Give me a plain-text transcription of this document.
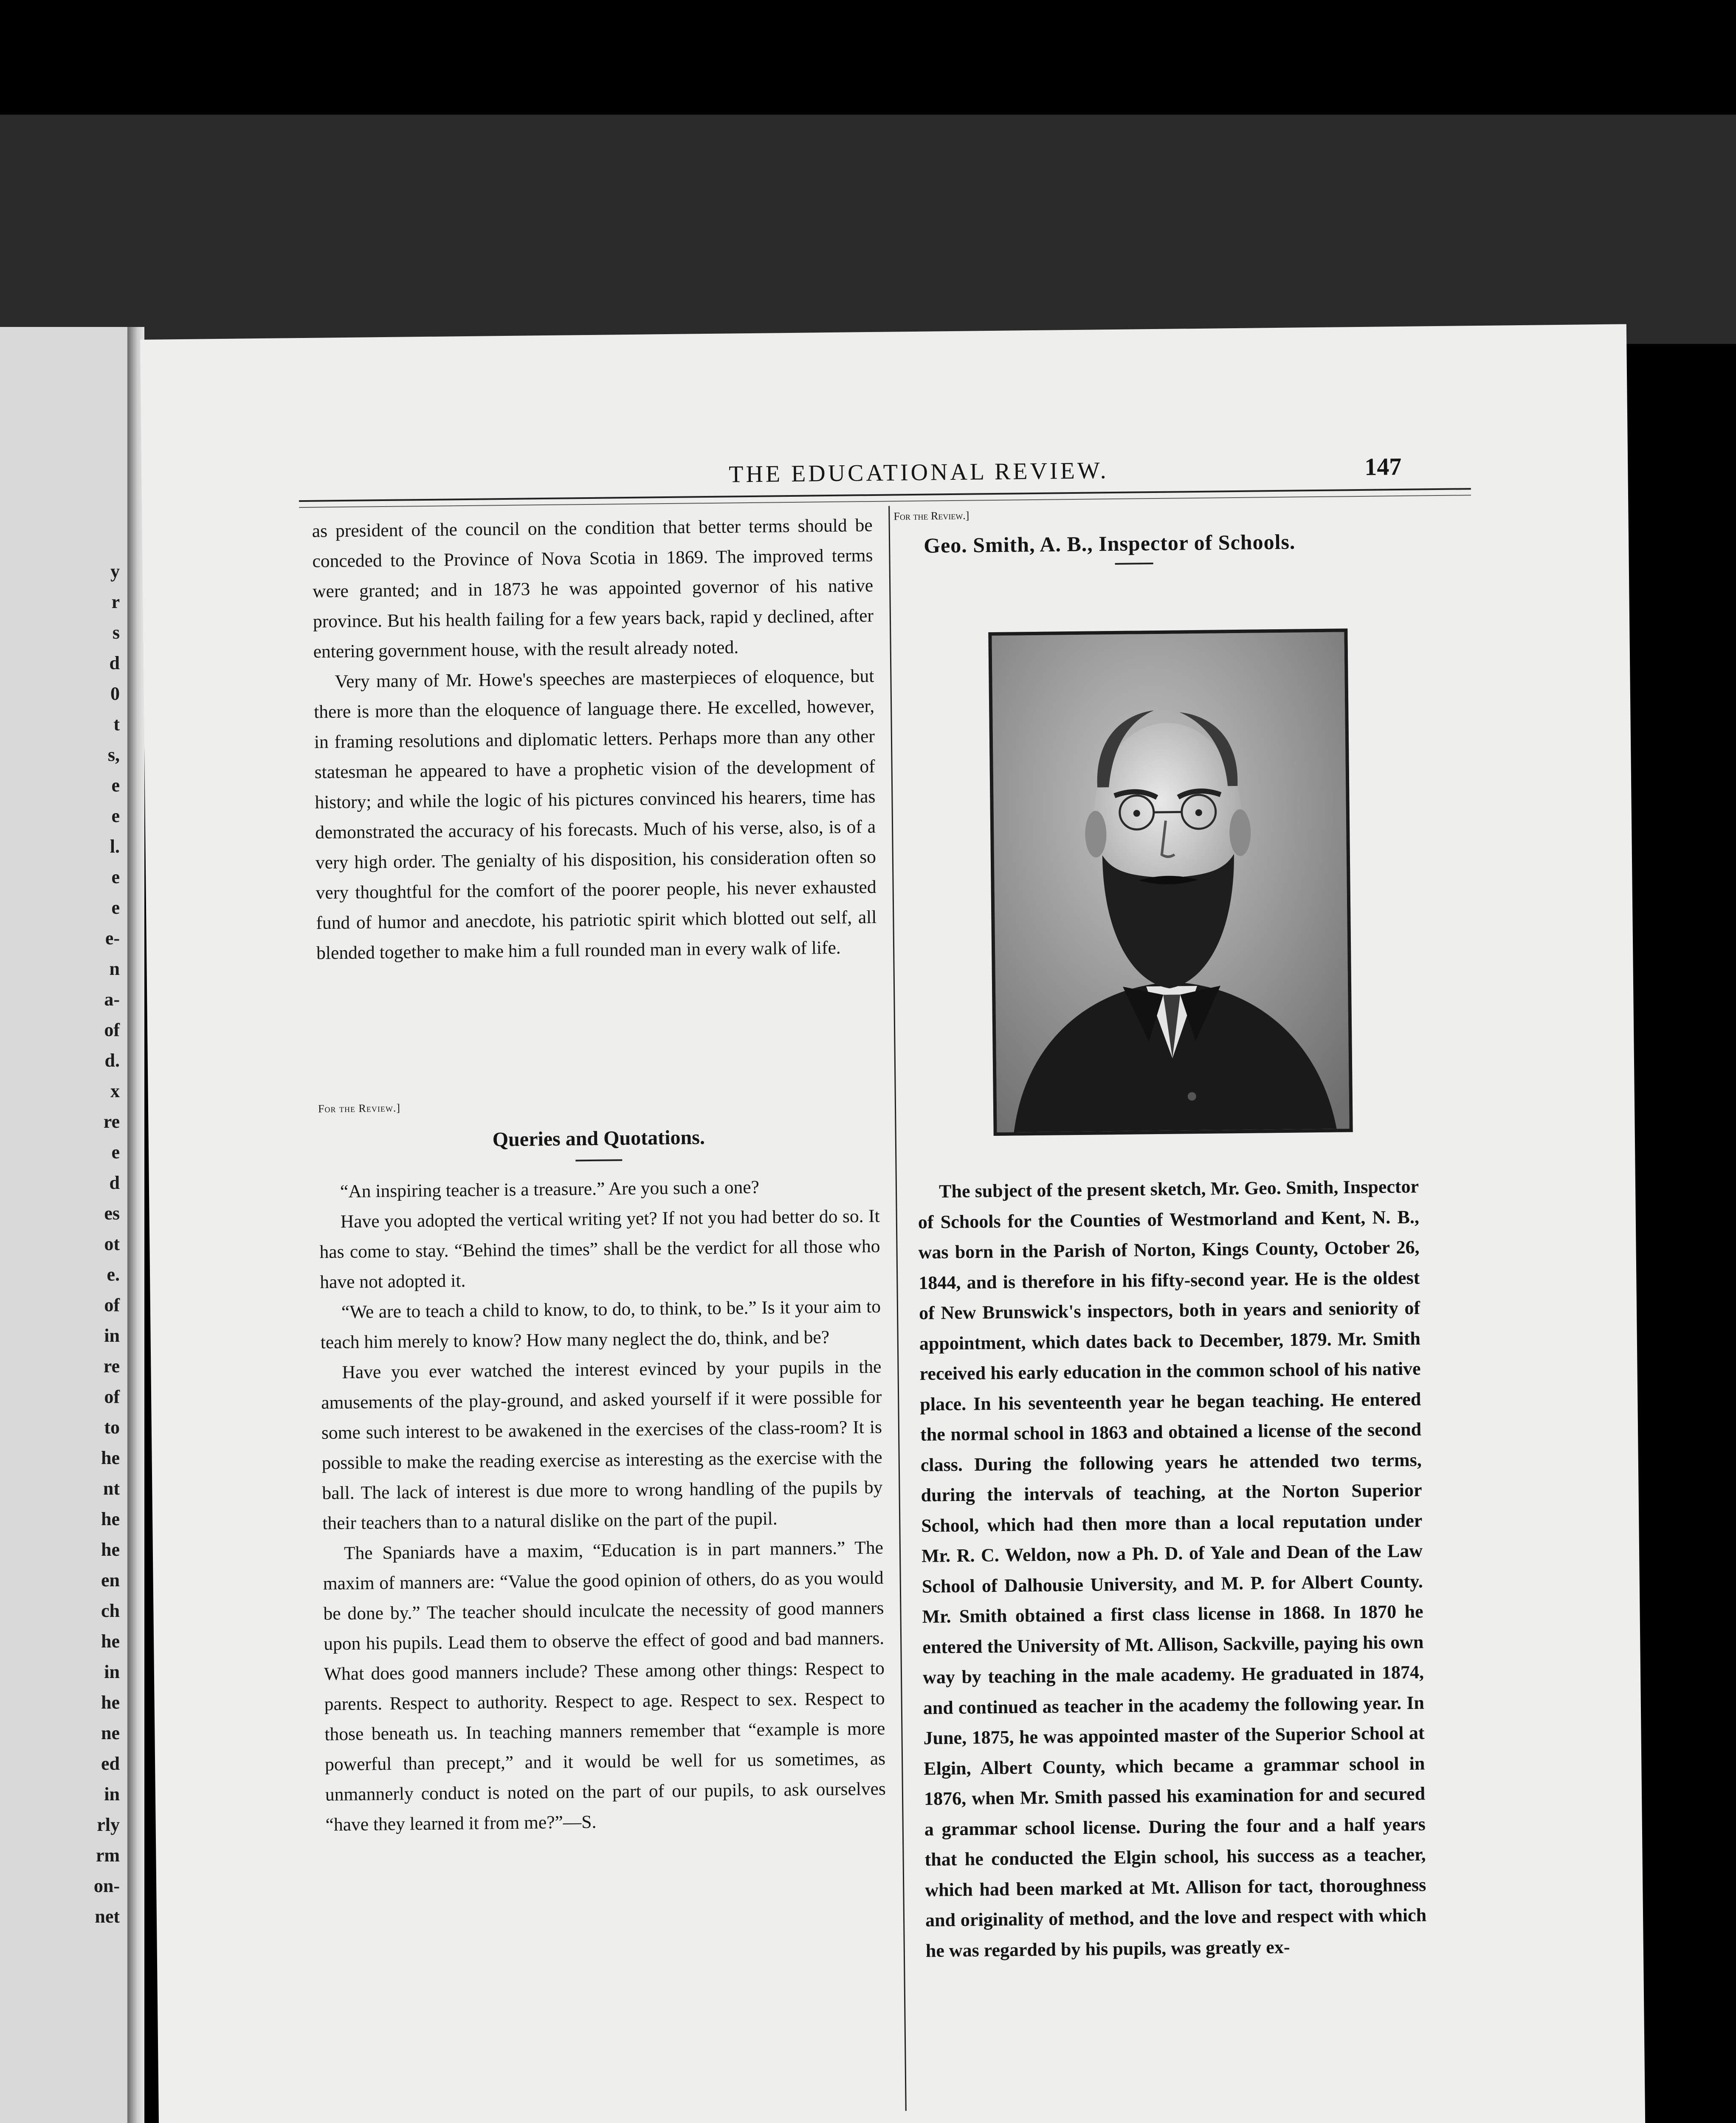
y
r
s
d
0
t
s,
e
e
l.
e
e
e-
n
a-
of
d.
x
re
e
d
es
ot
e.
of
in
re
of
to
he
nt
he
he
en
ch
he
in
he
ne
ed
in
rly
rm
on-
net
THE EDUCATIONAL REVIEW.	147

as president of the council on the condition that better terms should be conceded to the Province of Nova Scotia in 1869. The improved terms were granted; and in 1873 he was appointed governor of his native province. But his health failing for a few years back, rapid y declined, after entering government house, with the result already noted.

Very many of Mr. Howe's speeches are masterpieces of eloquence, but there is more than the eloquence of language there. He excelled, however, in framing resolutions and diplomatic letters. Perhaps more than any other statesman he appeared to have a prophetic vision of the development of history; and while the logic of his pictures convinced his hearers, time has demonstrated the accuracy of his forecasts. Much of his verse, also, is of a very high order. The genialty of his disposition, his consideration often so very thoughtful for the comfort of the poorer people, his never exhausted fund of humor and anecdote, his patriotic spirit which blotted out self, all blended together to make him a full rounded man in every walk of life.

For the Review.]
Queries and Quotations.

“An inspiring teacher is a treasure.” Are you such a one?

Have you adopted the vertical writing yet? If not you had better do so. It has come to stay. “Behind the times” shall be the verdict for all those who have not adopted it.

“We are to teach a child to know, to do, to think, to be.” Is it your aim to teach him merely to know? How many neglect the do, think, and be?

Have you ever watched the interest evinced by your pupils in the amusements of the play-ground, and asked yourself if it were possible for some such interest to be awakened in the exercises of the class-room? It is possible to make the reading exercise as interesting as the exercise with the ball. The lack of interest is due more to wrong handling of the pupils by their teachers than to a natural dislike on the part of the pupil.

The Spaniards have a maxim, “Education is in part manners.” The maxim of manners are: “Value the good opinion of others, do as you would be done by.” The teacher should inculcate the necessity of good manners upon his pupils. Lead them to observe the effect of good and bad manners. What does good manners include? These among other things: Respect to parents. Respect to authority. Respect to age. Respect to sex. Respect to those beneath us. In teaching manners remember that “example is more powerful than precept,” and it would be well for us sometimes, as unmannerly conduct is noted on the part of our pupils, to ask ourselves “have they learned it from me?”—S.

For the Review.]
Geo. Smith, A. B., Inspector of Schools.

The subject of the present sketch, Mr. Geo. Smith, Inspector of Schools for the Counties of Westmorland and Kent, N. B., was born in the Parish of Norton, Kings County, October 26, 1844, and is therefore in his fifty-second year. He is the oldest of New Brunswick's inspectors, both in years and seniority of appointment, which dates back to December, 1879. Mr. Smith received his early education in the common school of his native place. In his seventeenth year he began teaching. He entered the normal school in 1863 and obtained a license of the second class. During the following years he attended two terms, during the intervals of teaching, at the Norton Superior School, which had then more than a local reputation under Mr. R. C. Weldon, now a Ph. D. of Yale and Dean of the Law School of Dalhousie University, and M. P. for Albert County. Mr. Smith obtained a first class license in 1868. In 1870 he entered the University of Mt. Allison, Sackville, paying his own way by teaching in the male academy. He graduated in 1874, and continued as teacher in the academy the following year. In June, 1875, he was appointed master of the Superior School at Elgin, Albert County, which became a grammar school in 1876, when Mr. Smith passed his examination for and secured a grammar school license. During the four and a half years that he conducted the Elgin school, his success as a teacher, which had been marked at Mt. Allison for tact, thoroughness and originality of method, and the love and respect with which he was regarded by his pupils, was greatly ex-
